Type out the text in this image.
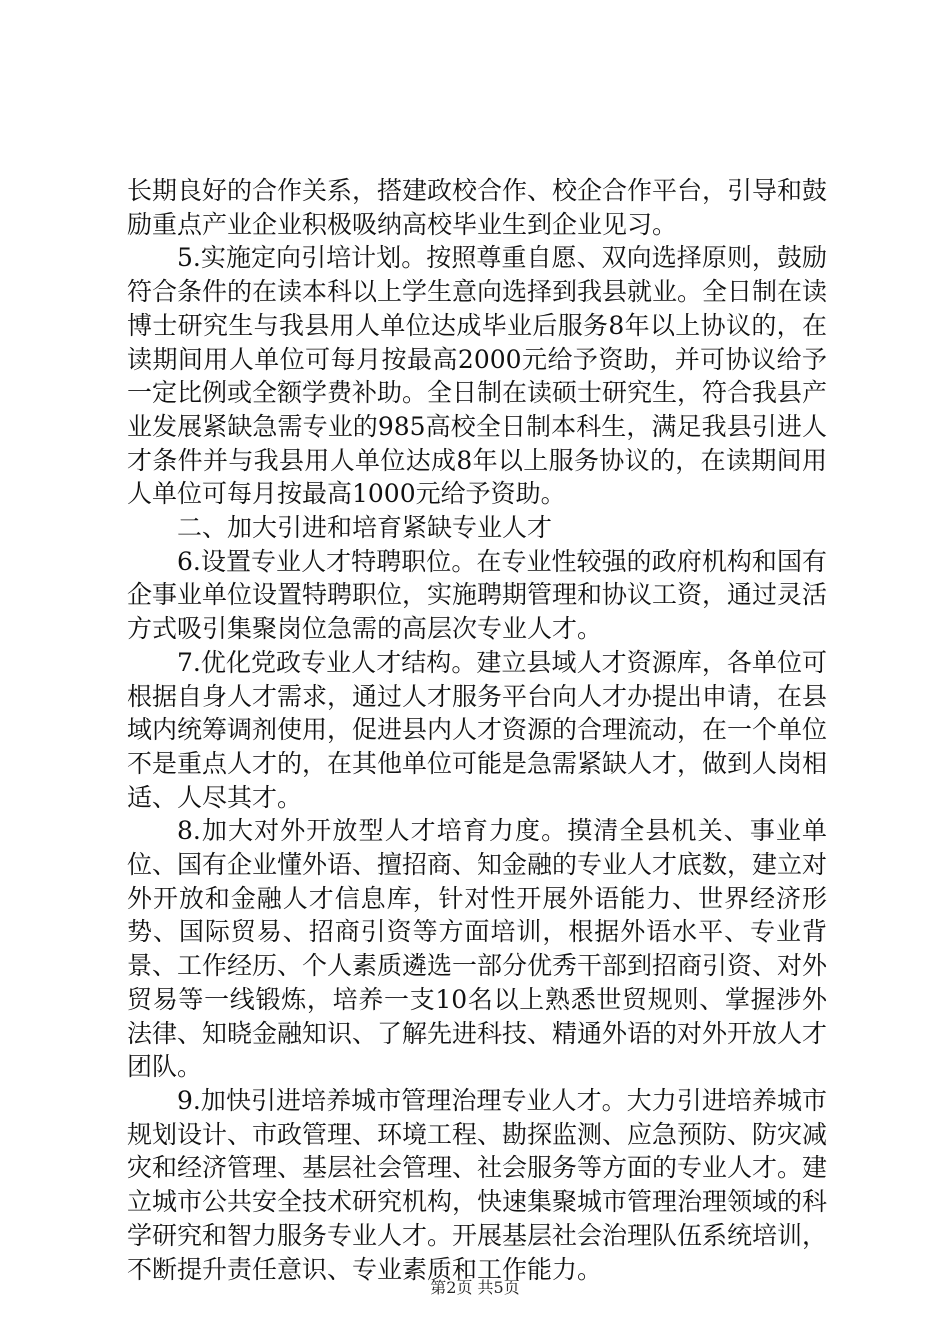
长期良好的合作关系，搭建政校合作、校企合作平台，引导和鼓励重点产业企业积极吸纳高校毕业生到企业见习。

5.实施定向引培计划。按照尊重自愿、双向选择原则，鼓励符合条件的在读本科以上学生意向选择到我县就业。全日制在读博士研究生与我县用人单位达成毕业后服务8年以上协议的，在读期间用人单位可每月按最高2000元给予资助，并可协议给予一定比例或全额学费补助。全日制在读硕士研究生，符合我县产业发展紧缺急需专业的985高校全日制本科生，满足我县引进人才条件并与我县用人单位达成8年以上服务协议的，在读期间用人单位可每月按最高1000元给予资助。

二、加大引进和培育紧缺专业人才

6.设置专业人才特聘职位。在专业性较强的政府机构和国有企事业单位设置特聘职位，实施聘期管理和协议工资，通过灵活方式吸引集聚岗位急需的高层次专业人才。

7.优化党政专业人才结构。建立县域人才资源库，各单位可根据自身人才需求，通过人才服务平台向人才办提出申请，在县域内统筹调剂使用，促进县内人才资源的合理流动，在一个单位不是重点人才的，在其他单位可能是急需紧缺人才，做到人岗相适、人尽其才。

8.加大对外开放型人才培育力度。摸清全县机关、事业单位、国有企业懂外语、擅招商、知金融的专业人才底数，建立对外开放和金融人才信息库，针对性开展外语能力、世界经济形势、国际贸易、招商引资等方面培训，根据外语水平、专业背景、工作经历、个人素质遴选一部分优秀干部到招商引资、对外贸易等一线锻炼，培养一支10名以上熟悉世贸规则、掌握涉外法律、知晓金融知识、了解先进科技、精通外语的对外开放人才团队。

9.加快引进培养城市管理治理专业人才。大力引进培养城市规划设计、市政管理、环境工程、勘探监测、应急预防、防灾减灾和经济管理、基层社会管理、社会服务等方面的专业人才。建立城市公共安全技术研究机构，快速集聚城市管理治理领域的科学研究和智力服务专业人才。开展基层社会治理队伍系统培训，不断提升责任意识、专业素质和工作能力。

第2页 共5页
